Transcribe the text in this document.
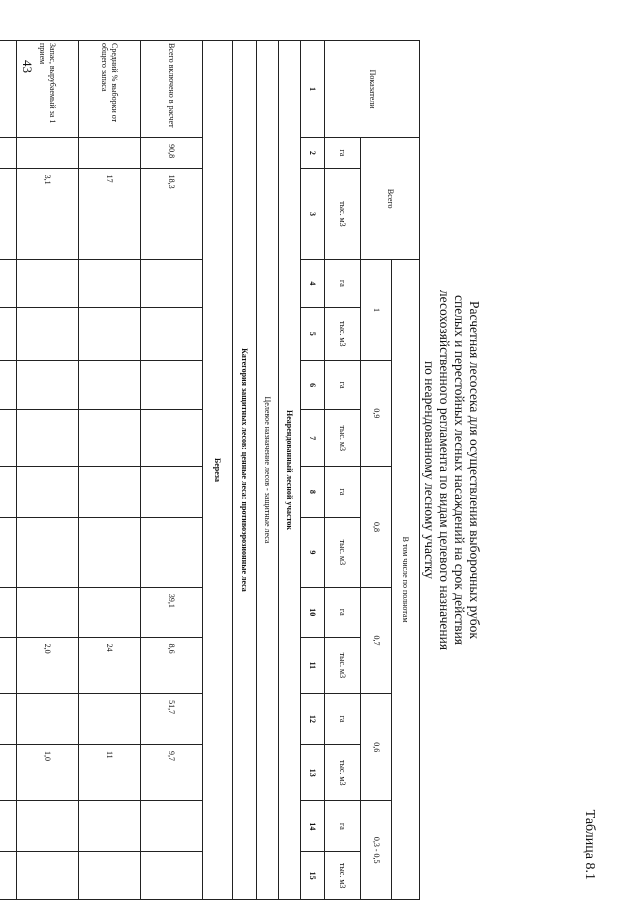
43
Таблица 8.1
Расчетная лесосека для осуществления выборочных рубок
спелых и перестойных лесных насаждений на срок действия
лесохозяйственного регламента по видам целевого назначения
по неарендованному лесному участку
Показатели	Всего		В том числе по полнотам											
			1		0,9		0,8		0,7		0,6		0,3 - 0,5	
	га	тыс. м3	га	тыс. м3	га	тыс. м3	га	тыс. м3	га	тыс. м3	га	тыс. м3	га	тыс. м3
1	2	3	4	5	6	7	8	9	10	11	12	13	14	15
Неарендованный лесной участок														
Целевое назначение лесов - защитные леса														
Категория защитных лесов: ценные леса: противоэрозионные леса														
Береза														
Всего включено в расчет	90,8	18,3							39,1	8,6	51,7	9,7		
Средний % выборки от общего запаса		17								24		11		
Запас, вырубаемый за 1 прием		3,1								2,0		1,0		
